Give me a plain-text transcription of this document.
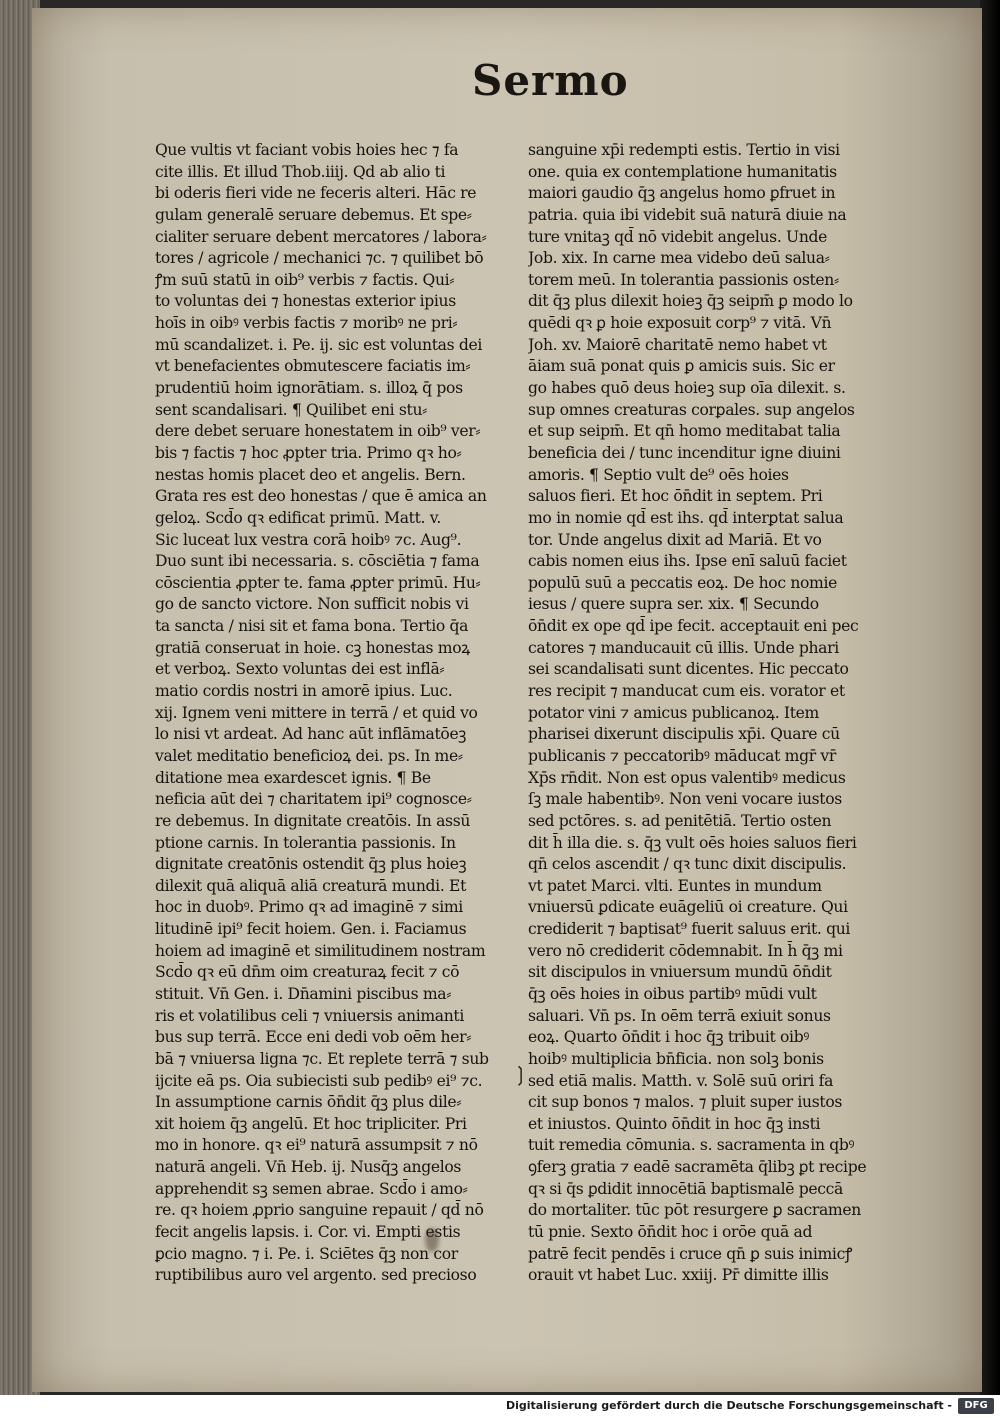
Sermo
Que vultis vt faciant vobis hoies hec ⁊ fa
cite illis. Et illud Thob.iiij. Qd ab alio ti
bi oderis fieri vide ne feceris alteri. Hāc re
gulam generalē seruare debemus. Et spe⸗
cialiter seruare debent mercatores / labora⸗
tores / agricole / mechanici ⁊c. ⁊ quilibet bō
ꝭm suū statū in oib⁹ verbis ⁊ factis. Qui⸗
to voluntas dei ⁊ honestas exterior ipius
hoīs in oibꝰ verbis factis ⁊ moribꝰ ne pri⸗
mū scandalizet. i. Pe. ij. sic est voluntas dei
vt benefacientes obmutescere faciatis im⸗
prudentiū hoim ignorātiam. s. illoꝝ q̄ pos
sent scandalisari. ¶ Quilibet eni stu⸗
dere debet seruare honestatem in oib⁹ ver⸗
bis ⁊ factis ⁊ hoc ꝓpter tria. Primo qꝛ ho⸗
nestas homis placet deo et angelis. Bern.
Grata res est deo honestas / que ē amica an
geloꝝ. Scd̄o qꝛ edificat primū. Matt. v.
Sic luceat lux vestra corā hoibꝰ ⁊c. Aug⁹.
Duo sunt ibi necessaria. s. cōsciētia ⁊ fama
cōscientia ꝓpter te. fama ꝓpter primū. Hu⸗
go de sancto victore. Non sufficit nobis vi
ta sancta / nisi sit et fama bona. Tertio q̄a
gratiā conseruat in hoie. cꝫ honestas moꝝ
et verboꝝ. Sexto voluntas dei est inflā⸗
matio cordis nostri in amorē ipius. Luc.
xij. Ignem veni mittere in terrā / et quid vo
lo nisi vt ardeat. Ad hanc aūt inflāmatōeꝫ
valet meditatio beneficioꝝ dei. ps. In me⸗
ditatione mea exardescet ignis. ¶ Be
neficia aūt dei ⁊ charitatem ipi⁹ cognosce⸗
re debemus. In dignitate creatōis. In assū
ptione carnis. In tolerantia passionis. In
dignitate creatōnis ostendit q̄ꝫ plus hoieꝫ
dilexit quā aliquā aliā creaturā mundi. Et
hoc in duobꝰ. Primo qꝛ ad imaginē ⁊ simi
litudinē ipi⁹ fecit hoiem. Gen. i. Faciamus
hoiem ad imaginē et similitudinem nostram
Scd̄o qꝛ eū dn̄m oim creaturaꝝ fecit ⁊ cō
stituit. Vn̄ Gen. i. Dn̄amini piscibus ma⸗
ris et volatilibus celi ⁊ vniuersis animanti
bus sup terrā. Ecce eni dedi vob oēm her⸗
bā ⁊ vniuersa ligna ⁊c. Et replete terrā ⁊ sub
ijcite eā ps. Oia subiecisti sub pedibꝰ ei⁹ ⁊c.
In assumptione carnis ōn̄dit q̄ꝫ plus dile⸗
xit hoiem q̄ꝫ angelū. Et hoc tripliciter. Pri
mo in honore. qꝛ ei⁹ naturā assumpsit ⁊ nō
naturā angeli. Vn̄ Heb. ij. Nusq̄ꝫ angelos
apprehendit sꝫ semen abrae. Scd̄o i amo⸗
re. qꝛ hoiem ꝓprio sanguine repauit / qd̄ nō
fecit angelis lapsis. i. Cor. vi. Empti estis
ꝑcio magno. ⁊ i. Pe. i. Sciētes q̄ꝫ non cor
ruptibilibus auro vel argento. sed precioso
sanguine xp̄i redempti estis. Tertio in visi
one. quia ex contemplatione humanitatis
maiori gaudio q̄ꝫ angelus homo ꝑfruet in
patria. quia ibi videbit suā naturā diuie na
ture vnitaꝫ qd̄ nō videbit angelus. Unde
Job. xix. In carne mea videbo deū salua⸗
torem meū. In tolerantia passionis osten⸗
dit q̄ꝫ plus dilexit hoieꝫ q̄ꝫ seipm̄ ꝑ modo lo
quēdi qꝛ ꝑ hoie exposuit corp⁹ ⁊ vitā. Vn̄
Joh. xv. Maiorē charitatē nemo habet vt
āiam suā ponat quis ꝑ amicis suis. Sic er
go habes quō deus hoieꝫ sup oīa dilexit. s.
sup omnes creaturas corꝑales. sup angelos
et sup seipm̄. Et qn̄ homo meditabat talia
beneficia dei / tunc incenditur igne diuini
amoris. ¶ Septio vult de⁹ oēs hoies
saluos fieri. Et hoc ōn̄dit in septem. Pri
mo in nomie qd̄ est ihs. qd̄ interꝑtat salua
tor. Unde angelus dixit ad Mariā. Et vo
cabis nomen eius ihs. Ipse enī saluū faciet
populū suū a peccatis eoꝝ. De hoc nomie
iesus / quere supra ser. xix. ¶ Secundo
ōn̄dit ex ope qd̄ ipe fecit. acceptauit eni pec
catores ⁊ manducauit cū illis. Unde phari
sei scandalisati sunt dicentes. Hic peccato
res recipit ⁊ manducat cum eis. vorator et
potator vini ⁊ amicus publicanoꝝ. Item
pharisei dixerunt discipulis xp̄i. Quare cū
publicanis ⁊ peccatoribꝰ māducat mgr̄ vr̄
Xp̄s rn̄dit. Non est opus valentibꝰ medicus
ſꝫ male habentibꝰ. Non veni vocare iustos
sed pctōres. s. ad penitētiā. Tertio osten
dit h̄ illa die. s. q̄ꝫ vult oēs hoies saluos fieri
qn̄ celos ascendit / qꝛ tunc dixit discipulis.
vt patet Marci. vlti. Euntes in mundum
vniuersū ꝑdicate euāgeliū oi creature. Qui
crediderit ⁊ baptisat⁹ fuerit saluus erit. qui
vero nō crediderit cōdemnabit. In h̄ q̄ꝫ mi
sit discipulos in vniuersum mundū ōn̄dit
q̄ꝫ oēs hoies in oibus partibꝰ mūdi vult
saluari. Vn̄ ps. In oēm terrā exiuit sonus
eoꝝ. Quarto ōn̄dit i hoc q̄ꝫ tribuit oibꝰ
hoibꝰ multiplicia bn̄ficia. non solꝫ bonis
sed etiā malis. Matth. v. Solē suū oriri fa
cit sup bonos ⁊ malos. ⁊ pluit super iustos
et iniustos. Quinto ōn̄dit in hoc q̄ꝫ insti
tuit remedia cōmunia. s. sacramenta in qbꝰ
ꝯferꝫ gratia ⁊ eadē sacramēta q̄libꝫ ꝑt recipe
qꝛ si q̄s ꝑdidit innocētiā baptismalē peccā
do mortaliter. tūc pōt resurgere ꝑ sacramen
tū pnie. Sexto ōn̄dit hoc i orōe quā ad
patrē fecit pendēs i cruce qn̄ ꝑ suis inimicꝭ
orauit vt habet Luc. xxiij. Pr̄ dimitte illis
❳
Digitalisierung gefördert durch die Deutsche Forschungsgemeinschaft -	DFG
